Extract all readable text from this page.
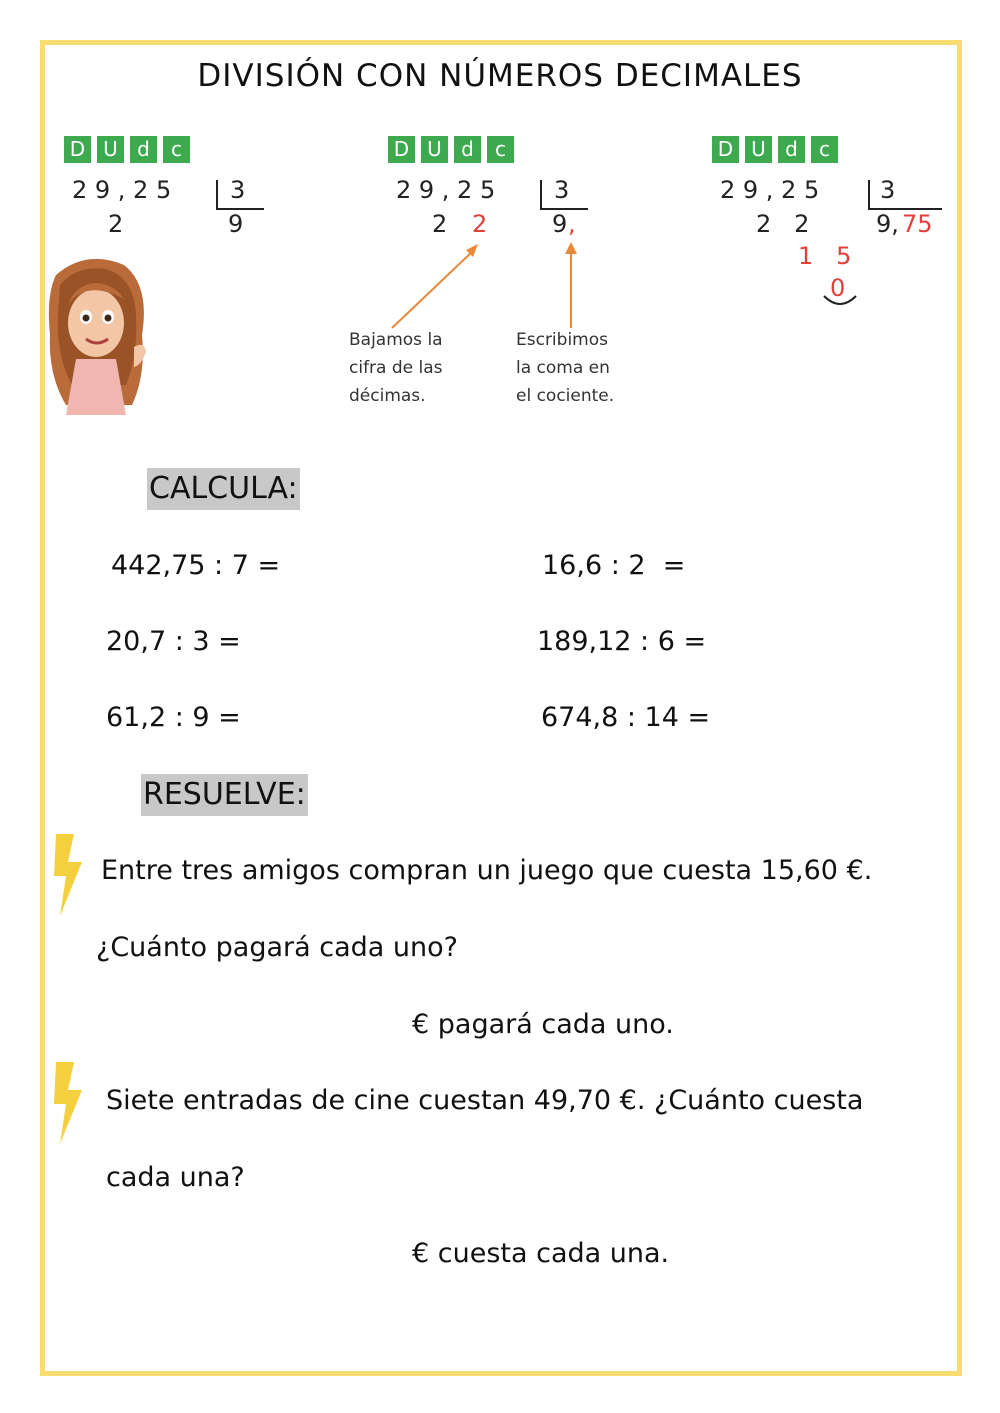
DIVISIÓN CON NÚMEROS DECIMALES
D U d	c
2 9 , 2 5 3
2	9
D U d	c
2 9 , 2 5 3
2 2	9 ,
D U d	c
2 9 , 2 5	3
2   2	9, 75
1   5
0
Bajamos la
cifra de las
décimas.
Escribimos
la coma en
el cociente.
CALCULA:
442,75 : 7 =	16,6 : 2  =
20,7 : 3 =	189,12 : 6 =
61,2 : 9 =	674,8 : 14 =
RESUELVE:
Entre tres amigos compran un juego que cuesta 15,60 €.
¿Cuánto pagará cada uno?
€ pagará cada uno.
Siete entradas de cine cuestan 49,70 €. ¿Cuánto cuesta
cada una?
€ cuesta cada una.
